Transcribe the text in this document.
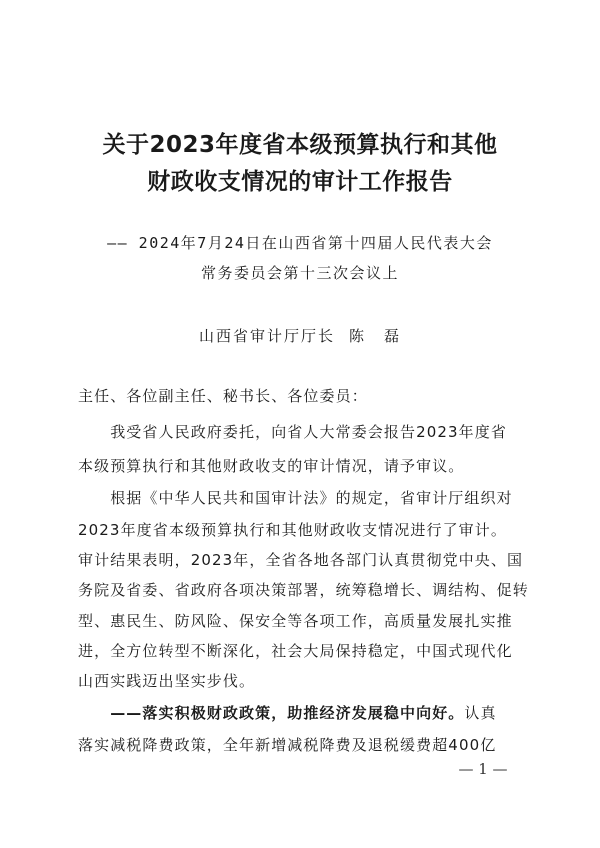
关于2023年度省本级预算执行和其他
财政收支情况的审计工作报告
—— 2024年7月24日在山西省第十四届人民代表大会
常务委员会第十三次会议上
山西省审计厅厅长 陈 磊
主任、各位副主任、秘书长、各位委员：
　　我受省人民政府委托，向省人大常委会报告2023年度省
本级预算执行和其他财政收支的审计情况，请予审议。
　　根据《中华人民共和国审计法》的规定，省审计厅组织对
2023年度省本级预算执行和其他财政收支情况进行了审计。
审计结果表明，2023年，全省各地各部门认真贯彻党中央、国
务院及省委、省政府各项决策部署，统筹稳增长、调结构、促转
型、惠民生、防风险、保安全等各项工作，高质量发展扎实推
进，全方位转型不断深化，社会大局保持稳定，中国式现代化
山西实践迈出坚实步伐。
　　——落实积极财政政策，助推经济发展稳中向好。认真
落实减税降费政策，全年新增减税降费及退税缓费超400亿
— 1 —
